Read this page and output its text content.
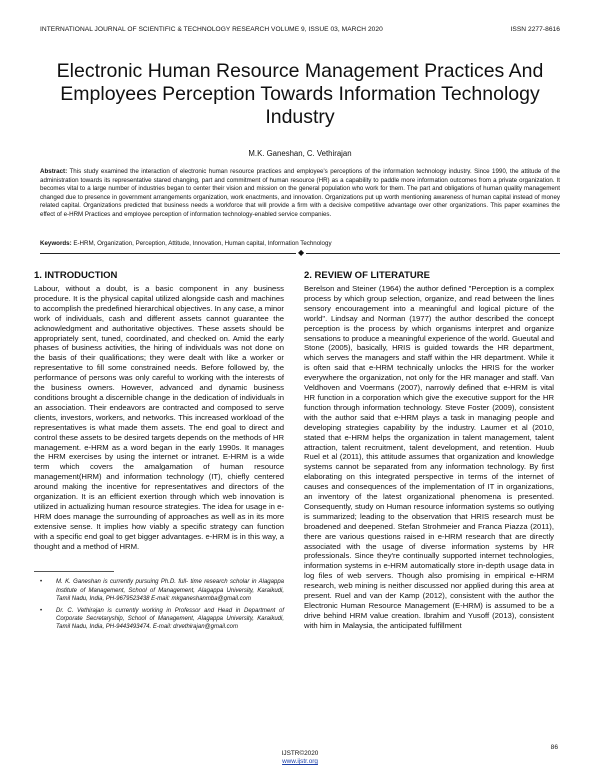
INTERNATIONAL JOURNAL OF SCIENTIFIC & TECHNOLOGY RESEARCH VOLUME 9, ISSUE 03, MARCH 2020	ISSN 2277-8616
Electronic Human Resource Management Practices And Employees Perception Towards Information Technology Industry
M.K. Ganeshan, C. Vethirajan

Abstract: This study examined the interaction of electronic human resource practices and employee's perceptions of the information technology industry. Since 1990, the attitude of the administration towards its representative stared changing, part and commitment of human resource (HR) as a capability to paddle more information outcomes from a private organization. It becomes vital to a large number of industries began to center their vision and mission on the general population who work for them. The part and obligations of human quality management changed due to presence in government arrangements organization, work enactments, and innovation. Organizations put up worth mentioning awareness of human capital instead of money related capital. Organizations predicted that business needs a workforce that will provide a firm with a decisive competitive advantage over other organizations. This paper examines the effect of e-HRM Practices and employee perception of information technology-enabled service companies.

Keywords: E-HRM, Organization, Perception, Attitude, Innovation, Human capital, Information Technology

◆
1. INTRODUCTION

Labour, without a doubt, is a basic component in any business procedure. It is the physical capital utilized alongside cash and machines to accomplish the predefined hierarchical objectives. In any case, a minor work of individuals, cash and different assets cannot guarantee the acknowledgment and authoritative objectives. These assets should be appropriately sent, tuned, coordinated, and checked on. Amid the early phases of business activities, the hiring of individuals was not done on the basis of their qualifications; they were dealt with like a worker or representative to fill some constrained needs. Before followed by, the performance of persons was only careful to working with the interests of the business owners. However, advanced and dynamic business conditions brought a discernible change in the dedication of individuals in an association. Their endeavors are contracted and composed to serve clients, investors, workers, and networks. This increased workload of the representatives is what made them assets. The end goal to direct and control these assets to be desired targets depends on the methods of HR management. e-HRM as a word began in the early 1990s. It manages the HRM exercises by using the internet or intranet. E-HRM is a wide term which covers the amalgamation of human resource management(HRM) and information technology (IT), chiefly centered around making the incentive for representatives and directors of the organization. It is an efficient exertion through which web innovation is utilized in actualizing human resource strategies. The idea for usage in e-HRM does manage the surrounding of approaches as well as in its more extensive sense. It implies how viably a specific strategy can function with a specific end goal to get bigger advantages. e-HRM is in this way, a thought and a method of HRM.

• M. K. Ganeshan is currently pursuing Ph.D. full- time research scholar in Alagappa Institute of Management, School of Management, Alagappa University, Karaikudi, Tamil Nadu, India, PH-9679523438 E-mail: mkganeshanmba@gmail.com
• Dr. C. Vethirajan is currently working in Professor and Head in Department of Corporate Secretaryship, School of Management, Alagappa University, Karaikudi, Tamil Nadu, India, PH-9443493474. E-mail: drvethirajan@gmail.com
2. REVIEW OF LITERATURE

Berelson and Steiner (1964) the author defined "Perception is a complex process by which group selection, organize, and read between the lines sensory encouragement into a meaningful and logical picture of the world". Lindsay and Norman (1977) the author described the concept perception is the process by which organisms interpret and organize sensations to produce a meaningful experience of the world. Gueutal and Stone (2005), basically, HRIS is guided towards the HR department, which serves the managers and staff within the HR department. While it is often said that e-HRM technically unlocks the HRIS for the worker everywhere the organization, not only for the HR manager and staff. Van Veldhoven and Voermans (2007), narrowly defined that e-HRM is vital HR function in a corporation which give the executive support for the HR function through information technology. Steve Foster (2009), consistent with the author said that e-HRM plays a task in managing people and developing strategies capability by the industry. Laumer et al (2010, stated that e-HRM helps the organization in talent management, talent attraction, talent recruitment, talent development, and retention. Huub Ruel et al (2011), this attitude assumes that organization and knowledge systems cannot be separated from any information technology. By first elaborating on this integrated perspective in terms of the internet of causes and consequences of the implementation of IT in organizations, an inventory of the latest organizational phenomena is presented. Consequently, study on Human resource information systems so outlying is summarized; leading to the observation that HRIS research must be broadened and deepened. Stefan Strohmeier and Franca Piazza (2011), there are various questions raised in e-HRM research that are directly associated with the usage of diverse information systems by HR professionals. Since they're continually supported internet technologies, information systems in e-HRM automatically store in-depth usage data in log files of web servers. Though also promising in empirical e-HRM research, web mining is neither discussed nor applied during this area at present. Ruel and van der Kamp (2012), consistent with the author the Electronic Human Resource Management (E-HRM) is assumed to be a drive behind HRM value creation. Ibrahim and Yusoff (2013), consistent with him in Malaysia, the anticipated fulfillment

86
IJSTR©2020
www.ijstr.org
